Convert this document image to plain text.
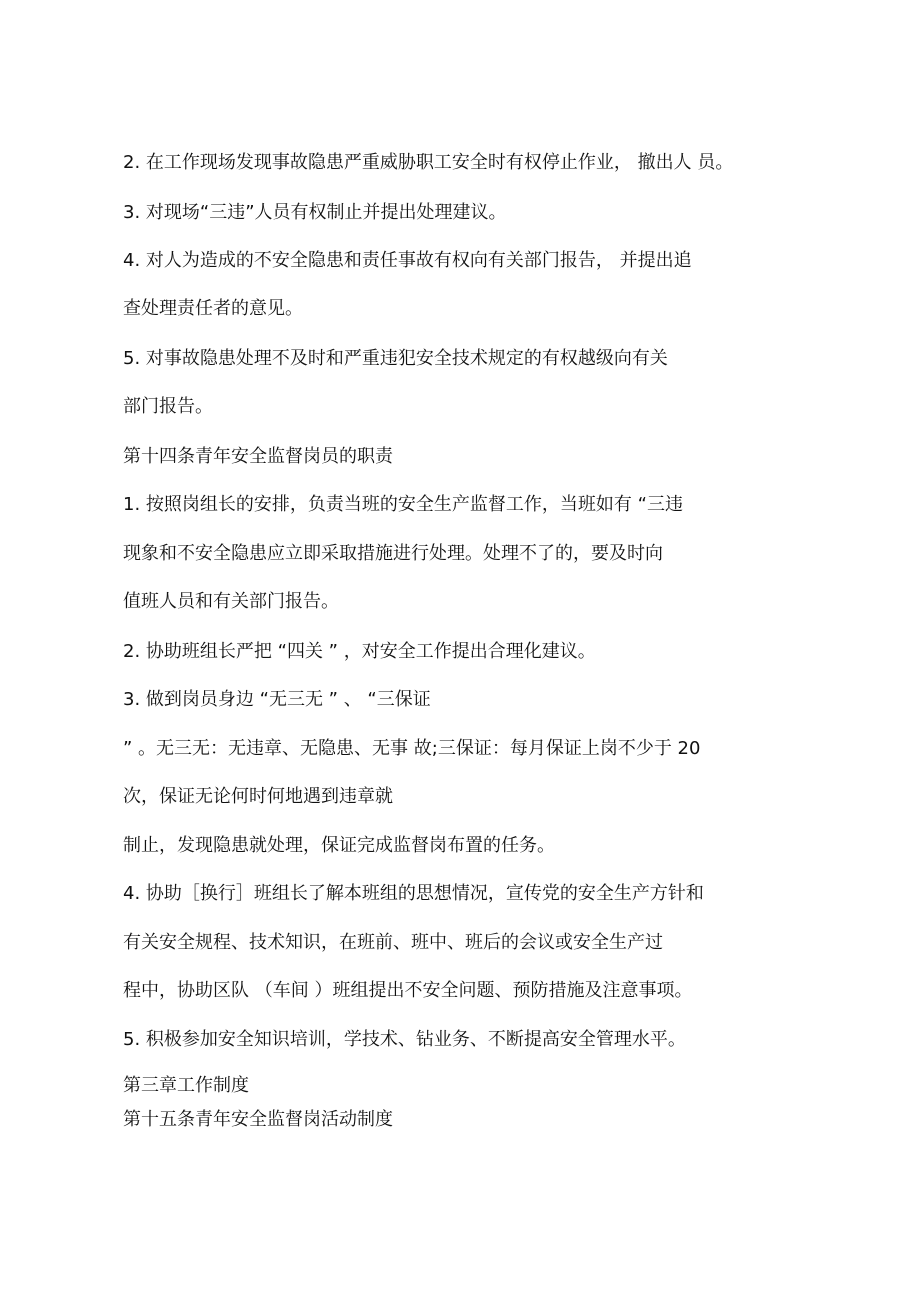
2. 在工作现场发现事故隐患严重威胁职工安全时有权停止作业， 撤出人 员。
3. 对现场“三违”人员有权制止并提出处理建议。
4. 对人为造成的不安全隐患和责任事故有权向有关部门报告， 并提出追
查处理责任者的意见。
5. 对事故隐患处理不及时和严重违犯安全技术规定的有权越级向有关
部门报告。
第十四条青年安全监督岗员的职责
1. 按照岗组长的安排，负责当班的安全生产监督工作，当班如有 “三违
现象和不安全隐患应立即采取措施进行处理。处理不了的，要及时向
值班人员和有关部门报告。
2. 协助班组长严把 “四关 ” ，对安全工作提出合理化建议。
3. 做到岗员身边 “无三无 ” 、 “三保证
” 。无三无：无违章、无隐患、无事 故;三保证：每月保证上岗不少于 20
次，保证无论何时何地遇到违章就
制止，发现隐患就处理，保证完成监督岗布置的任务。
4. 协助［换行］班组长了解本班组的思想情况，宣传党的安全生产方针和
有关安全规程、技术知识，在班前、班中、班后的会议或安全生产过
程中，协助区队 （车间 ）班组提出不安全问题、预防措施及注意事项。
5. 积极参加安全知识培训，学技术、钻业务、不断提高安全管理水平。
第三章工作制度
第十五条青年安全监督岗活动制度
